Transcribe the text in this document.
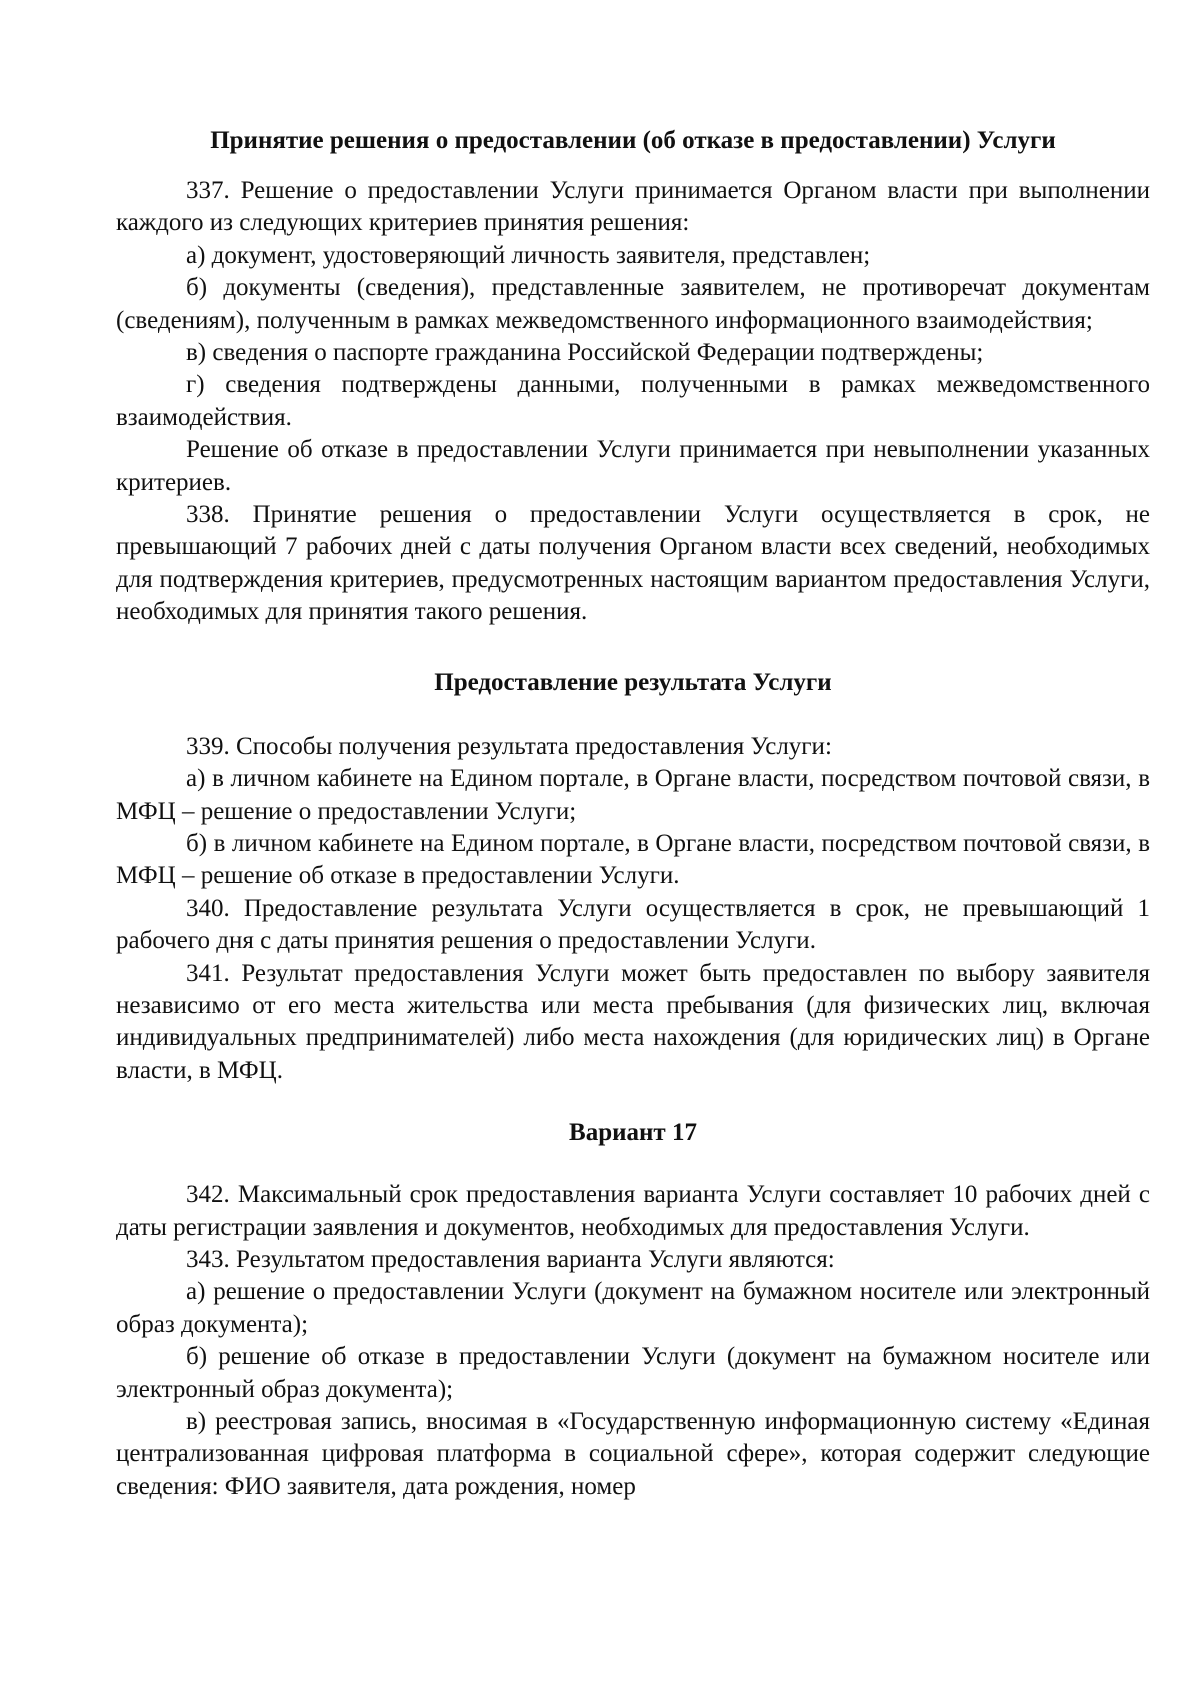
Принятие решения о предоставлении (об отказе в предоставлении) Услуги

337. Решение о предоставлении Услуги принимается Органом власти при выполнении каждого из следующих критериев принятия решения:

а) документ, удостоверяющий личность заявителя, представлен;

б) документы (сведения), представленные заявителем, не противоречат документам (сведениям), полученным в рамках межведомственного информационного взаимодействия;

в) сведения о паспорте гражданина Российской Федерации подтверждены;

г) сведения подтверждены данными, полученными в рамках межведомственного взаимодействия.

Решение об отказе в предоставлении Услуги принимается при невыполнении указанных критериев.

338. Принятие решения о предоставлении Услуги осуществляется в срок, не превышающий 7 рабочих дней с даты получения Органом власти всех сведений, необходимых для подтверждения критериев, предусмотренных настоящим вариантом предоставления Услуги, необходимых для принятия такого решения.

Предоставление результата Услуги

339. Способы получения результата предоставления Услуги:

а) в личном кабинете на Едином портале, в Органе власти, посредством почтовой связи, в МФЦ – решение о предоставлении Услуги;

б) в личном кабинете на Едином портале, в Органе власти, посредством почтовой связи, в МФЦ – решение об отказе в предоставлении Услуги.

340. Предоставление результата Услуги осуществляется в срок, не превышающий 1 рабочего дня с даты принятия решения о предоставлении Услуги.

341. Результат предоставления Услуги может быть предоставлен по выбору заявителя независимо от его места жительства или места пребывания (для физических лиц, включая индивидуальных предпринимателей) либо места нахождения (для юридических лиц) в Органе власти, в МФЦ.

Вариант 17

342. Максимальный срок предоставления варианта Услуги составляет 10 рабочих дней с даты регистрации заявления и документов, необходимых для предоставления Услуги.

343. Результатом предоставления варианта Услуги являются:

а) решение о предоставлении Услуги (документ на бумажном носителе или электронный образ документа);

б) решение об отказе в предоставлении Услуги (документ на бумажном носителе или электронный образ документа);

в) реестровая запись, вносимая в «Государственную информационную систему «Единая централизованная цифровая платформа в социальной сфере», которая содержит следующие сведения: ФИО заявителя, дата рождения, номер
